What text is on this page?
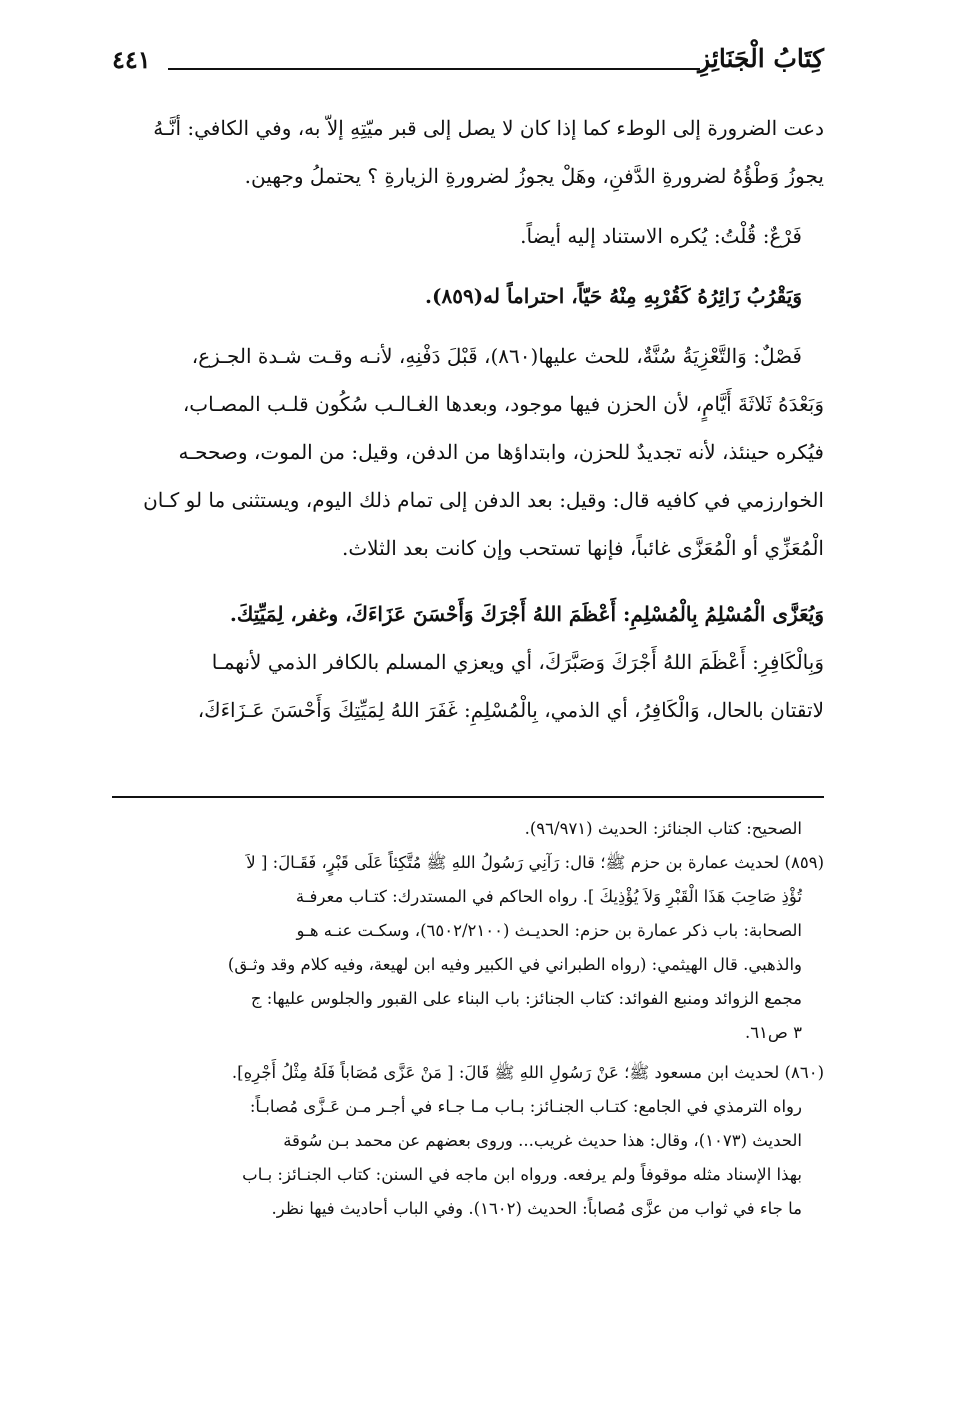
كِتَابُ الْجَنَائِزِ
٤٤١
دعت الضرورة إلى الوطء كما إذا كان لا يصل إلى قبر ميّتِهِ إلاّ به، وفي الكافي: أنَّـهُ
يجوزُ وَطْؤُهُ لضرورةِ الدَّفنِ، وهَلْ يجوزُ لضرورةِ الزيارةِ ؟ يحتملُ وجهين.
فَرْعٌ: قُلْتُ: يُكره الاستناد إليه أيضاً.
وَيَقْرُبُ زَائِرُهُ كَقُرْبِهِ مِنْهُ حَيّاً، احتراماً له(٨٥٩).
فَصْلٌ: وَالتَّعْزِيَةُ سُنَّةٌ، للحث عليها(٨٦٠)، قَبْلَ دَفْنِهِ، لأنـه وقـت شـدة الجـزع،
وَبَعْدَهُ ثَلاثَةَ أَيَّامٍ، لأن الحزن فيها موجود، وبعدها الغـالـب سُكُون قلـب المصـاب،
فيُكره حينئذ، لأنه تجديدٌ للحزن، وابتداؤها من الدفن، وقيل: من الموت، وصححـه
الخوارزمي في كافيه قال: وقيل: بعد الدفن إلى تمام ذلك اليوم، ويستثنى ما لو كـان
الْمُعَزِّي أو الْمُعَزَّى غائباً، فإنها تستحب وإن كانت بعد الثلاث.
وَيُعَزَّى الْمُسْلِمُ بِالْمُسْلِمِ: أَعْظَمَ اللهُ أَجْرَكَ وَأَحْسَنَ عَزَاءَكَ، وغفر، لِمَيِّتِكَ.
وَبِالْكَافِرِ: أَعْظَمَ اللهُ أَجْرَكَ وَصَبَّرَكَ، أي ويعزي المسلم بالكافر الذمي لأنهمـا
لاتقتان بالحال، وَالْكَافِرُ، أي الذمي، بِالْمُسْلِمِ: غَفَرَ اللهُ لِمَيِّتِكَ وَأَحْسَنَ عَـزَاءَكَ،
الصحيح: كتاب الجنائز: الحديث (٩٦/٩٧١).
(٨٥٩) لحديث عمارة بن حزم ﷺ؛ قال: رَآنِي رَسُولُ اللهِ ﷺ مُتَّكِئاً عَلَى قَبْرٍ، فَقَـالَ: [ لاَ
تُؤْذِ صَاحِبَ هَذَا الْقَبْرِ وَلاَ يُؤْذِيكَ ]. رواه الحاكم في المستدرك: كتـاب معرفـة
الصحابة: باب ذكر عمارة بن حزم: الحديـث (٦٥٠٢/٢١٠٠)، وسكـت عنـه هـو
والذهبي. قال الهيثمي: (رواه الطبراني في الكبير وفيه ابن لهيعة، وفيه كلام وقد وثـق)
مجمع الزوائد ومنبع الفوائد: كتاب الجنائز: باب البناء على القبور والجلوس عليها: ج
٣ ص٦١.
(٨٦٠) لحديث ابن مسعود ﷺ؛ عَنْ رَسُولِ اللهِ ﷺ قَالَ: [ مَنْ عَزَّى مُصَاباً فَلَهُ مِثْلُ أَجْرِهِ].
رواه الترمذي في الجامع: كتـاب الجنـائز: بـاب مـا جـاء في أجـر مـن عَـزَّى مُصابـاً:
الحديث (١٠٧٣)، وقال: هذا حديث غريب... وروى بعضهم عن محمد بـن سُوقة
بهذا الإسناد مثله موقوفاً ولم يرفعه. ورواه ابن ماجه في السنن: كتاب الجنـائز: بـاب
ما جاء في ثواب من عزَّى مُصاباً: الحديث (١٦٠٢). وفي الباب أحاديث فيها نظر.
